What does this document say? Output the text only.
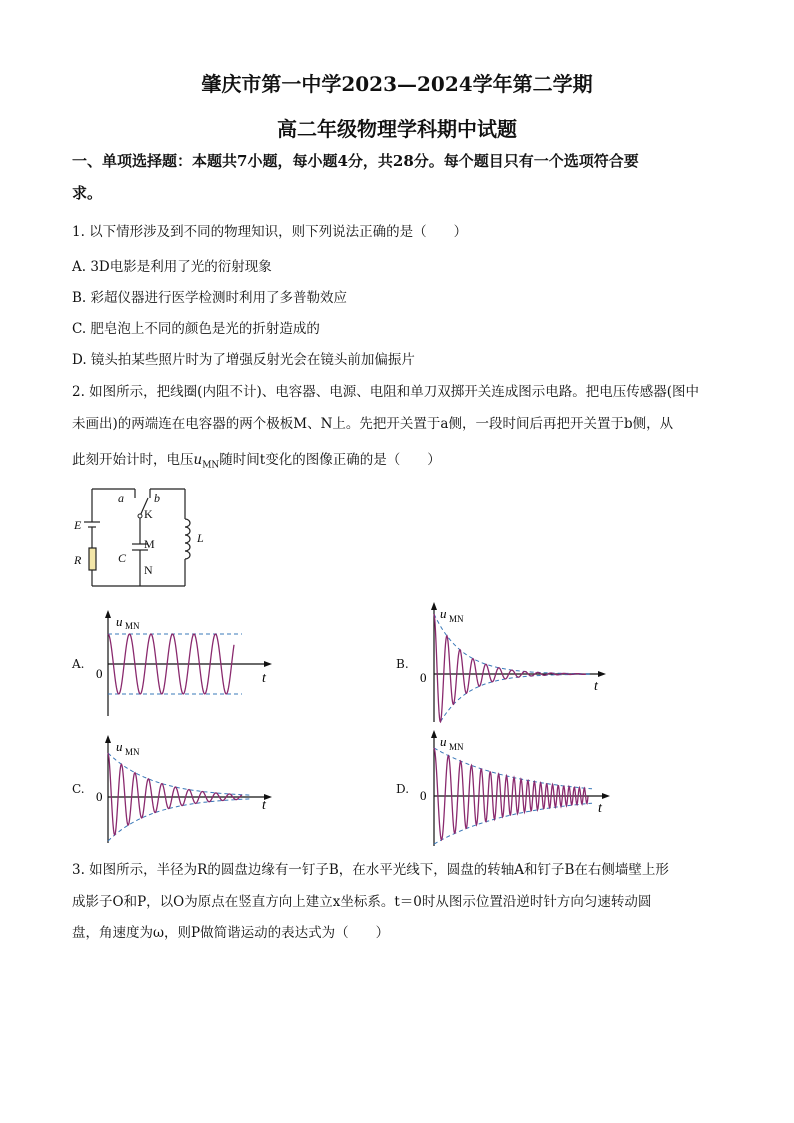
肇庆市第一中学2023—2024学年第二学期
高二年级物理学科期中试题
一、单项选择题：本题共7小题，每小题4分，共28分。每个题目只有一个选项符合要
求。
1. 以下情形涉及到不同的物理知识，则下列说法正确的是（　　）
A. 3D电影是利用了光的衍射现象
B. 彩超仪器进行医学检测时利用了多普勒效应
C. 肥皂泡上不同的颜色是光的折射造成的
D. 镜头拍某些照片时为了增强反射光会在镜头前加偏振片
2. 如图所示，把线圈(内阻不计)、电容器、电源、电阻和单刀双掷开关连成图示电路。把电压传感器(图中
未画出)的两端连在电容器的两个极板M、N上。先把开关置于a侧，一段时间后再把开关置于b侧，从
此刻开始计时，电压$u_{MN}$随时间t变化的图像正确的是（　　）
a	b
K
E
R	C
M
N
L
A.	B.
C.	D.
u MN
0	t
u MN
0
t
u MN
0
t
u MN
0
t
3. 如图所示，半径为R的圆盘边缘有一钉子B，在水平光线下，圆盘的转轴A和钉子B在右侧墙壁上形
成影子O和P，以O为原点在竖直方向上建立x坐标系。t＝0时从图示位置沿逆时针方向匀速转动圆
盘，角速度为ω，则P做简谐运动的表达式为（　　）
